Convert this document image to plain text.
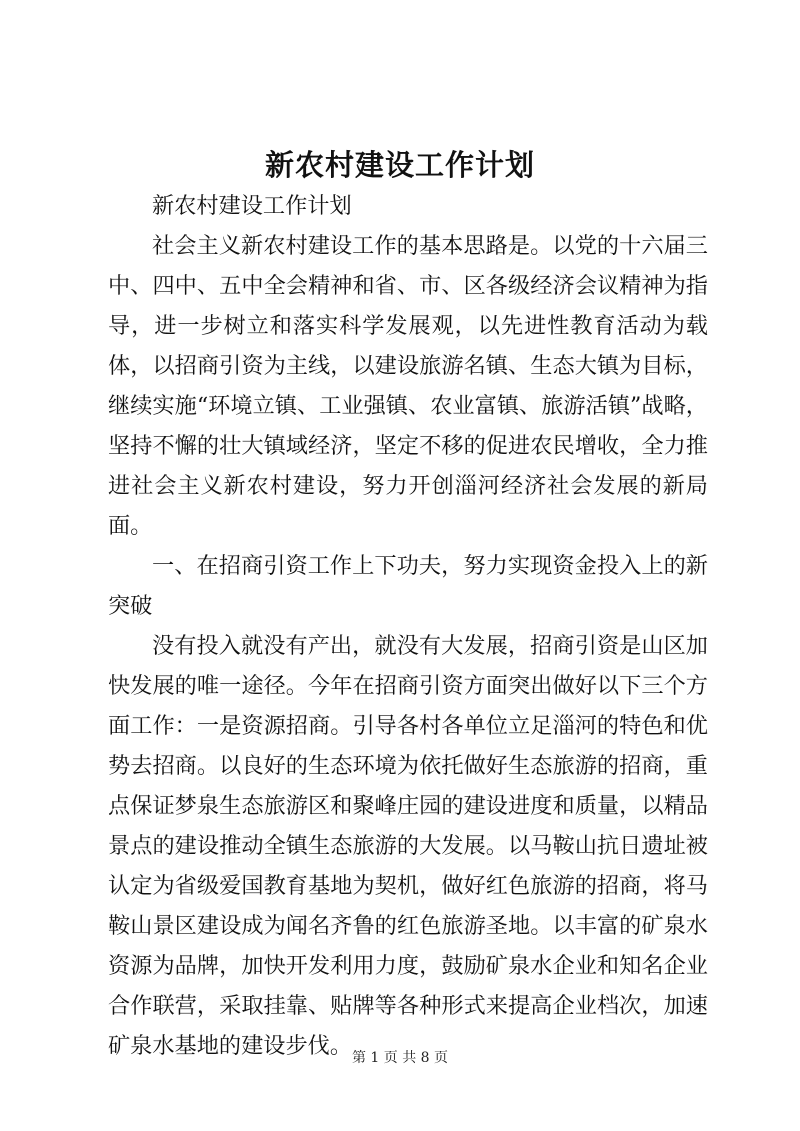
新农村建设工作计划

新农村建设工作计划

社会主义新农村建设工作的基本思路是。以党的十六届三中、四中、五中全会精神和省、市、区各级经济会议精神为指导，进一步树立和落实科学发展观，以先进性教育活动为载体，以招商引资为主线，以建设旅游名镇、生态大镇为目标，继续实施“环境立镇、工业强镇、农业富镇、旅游活镇”战略，坚持不懈的壮大镇域经济，坚定不移的促进农民增收，全力推进社会主义新农村建设，努力开创淄河经济社会发展的新局面。

一、在招商引资工作上下功夫，努力实现资金投入上的新突破

没有投入就没有产出，就没有大发展，招商引资是山区加快发展的唯一途径。今年在招商引资方面突出做好以下三个方面工作：一是资源招商。引导各村各单位立足淄河的特色和优势去招商。以良好的生态环境为依托做好生态旅游的招商，重点保证梦泉生态旅游区和聚峰庄园的建设进度和质量，以精品景点的建设推动全镇生态旅游的大发展。以马鞍山抗日遗址被认定为省级爱国教育基地为契机，做好红色旅游的招商，将马鞍山景区建设成为闻名齐鲁的红色旅游圣地。以丰富的矿泉水资源为品牌，加快开发利用力度，鼓励矿泉水企业和知名企业合作联营，采取挂靠、贴牌等各种形式来提高企业档次，加速矿泉水基地的建设步伐。 第 1 页 共 8 页
